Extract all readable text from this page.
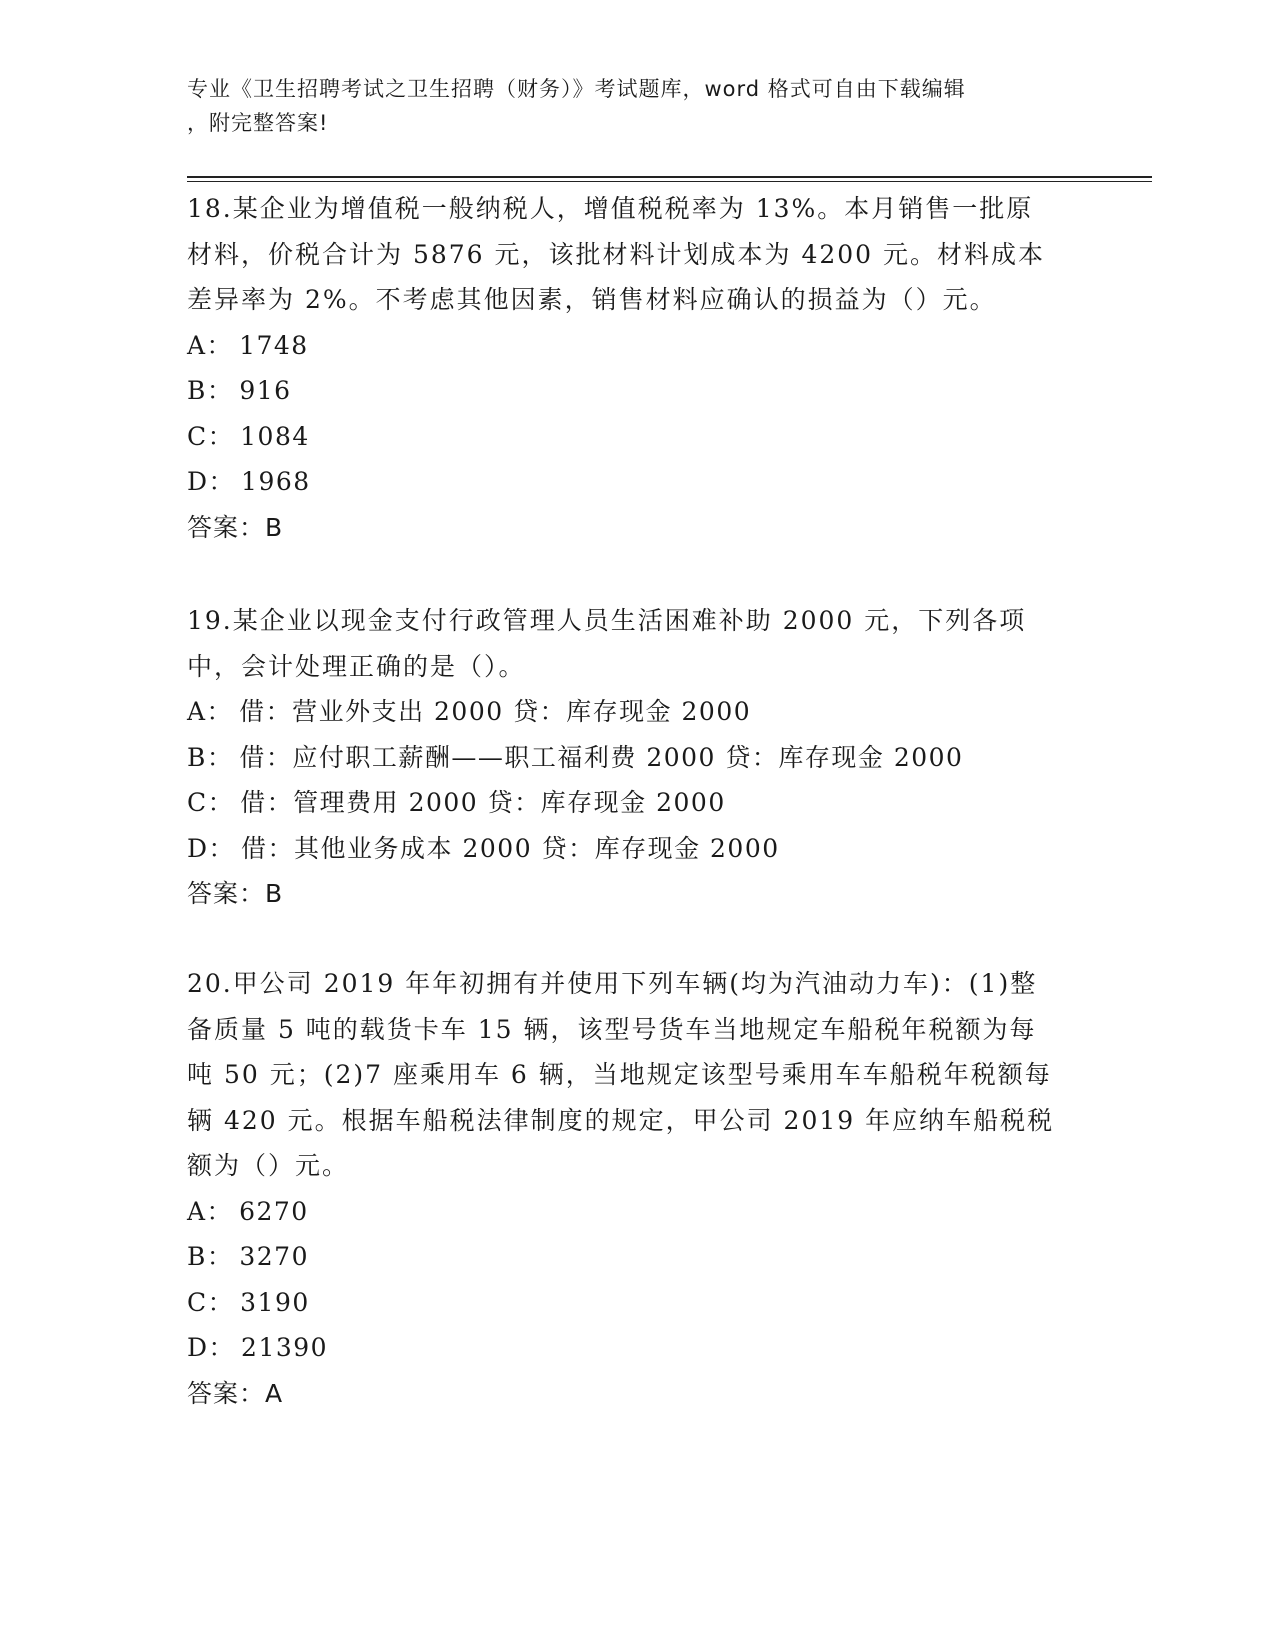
专业《卫生招聘考试之卫生招聘（财务）》考试题库，word 格式可自由下载编辑
，附完整答案!

18.某企业为增值税一般纳税人，增值税税率为 13%。本月销售一批原

材料，价税合计为 5876 元，该批材料计划成本为 4200 元。材料成本

差异率为 2%。不考虑其他因素，销售材料应确认的损益为（）元。

A： 1748

B： 916

C： 1084

D： 1968

答案：B

19.某企业以现金支付行政管理人员生活困难补助 2000 元，下列各项

中，会计处理正确的是（）。

A： 借：营业外支出 2000 贷：库存现金 2000

B： 借：应付职工薪酬——职工福利费 2000 贷：库存现金 2000

C： 借：管理费用 2000 贷：库存现金 2000

D： 借：其他业务成本 2000 贷：库存现金 2000

答案：B

20.甲公司 2019 年年初拥有并使用下列车辆(均为汽油动力车)：(1)整

备质量 5 吨的载货卡车 15 辆，该型号货车当地规定车船税年税额为每

吨 50 元；(2)7 座乘用车 6 辆，当地规定该型号乘用车车船税年税额每

辆 420 元。根据车船税法律制度的规定，甲公司 2019 年应纳车船税税

额为（）元。

A： 6270

B： 3270

C： 3190

D： 21390

答案：A
